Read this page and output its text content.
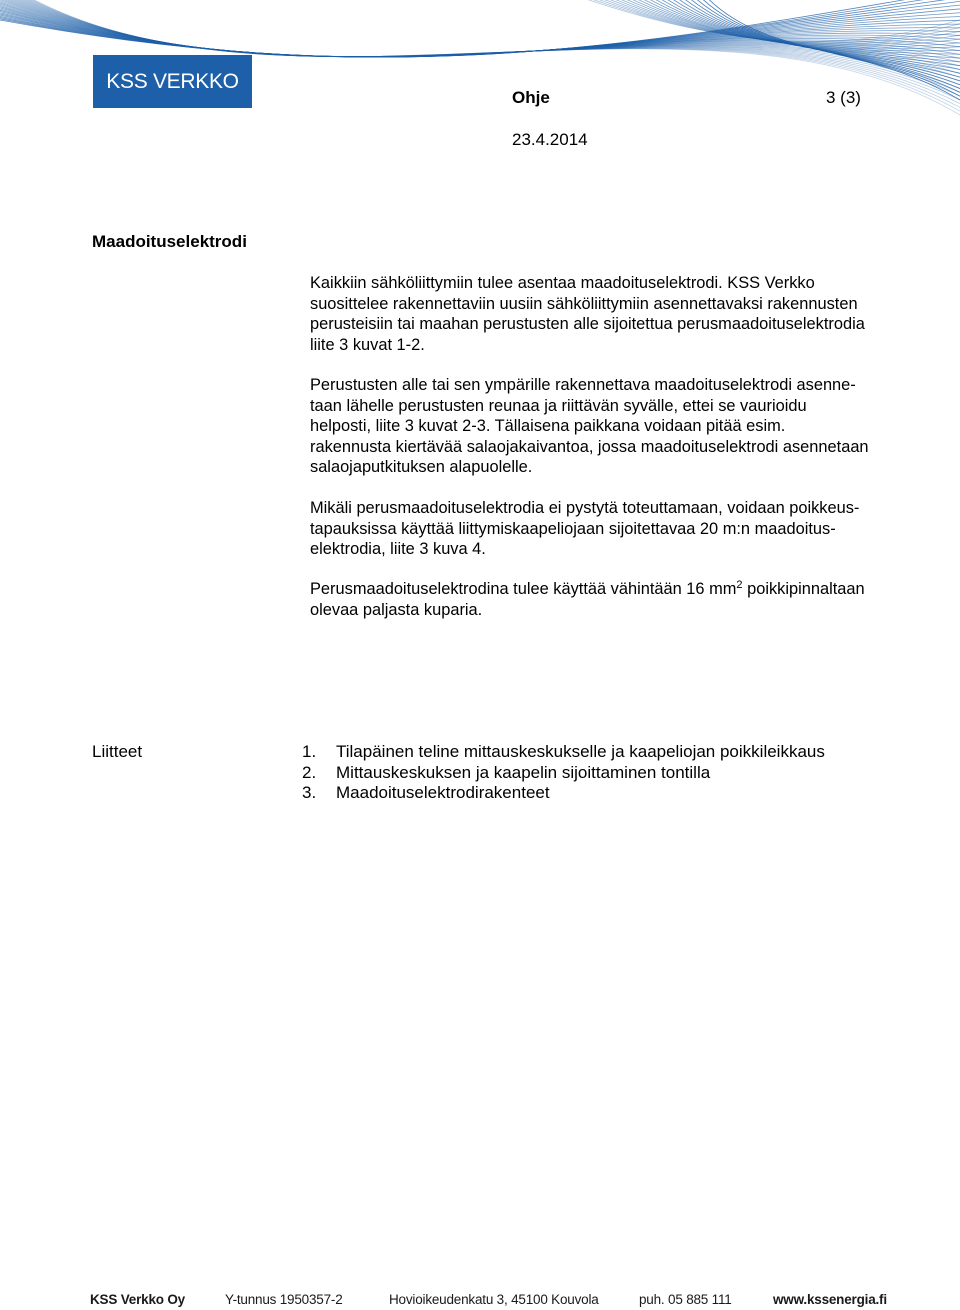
KSS VERKKO
Ohje	3 (3)
23.4.2014
Maadoituselektrodi

Kaikkiin sähköliittymiin tulee asentaa maadoituselektrodi. KSS Verkko
suosittelee rakennettaviin uusiin sähköliittymiin asennettavaksi rakennusten
perusteisiin tai maahan perustusten alle sijoitettua perusmaadoituselektrodia
liite 3 kuvat 1-2.

Perustusten alle tai sen ympärille rakennettava maadoituselektrodi asenne-
taan lähelle perustusten reunaa ja riittävän syvälle, ettei se vaurioidu
helposti, liite 3 kuvat 2-3. Tällaisena paikkana voidaan pitää esim.
rakennusta kiertävää salaojakaivantoa, jossa maadoituselektrodi asennetaan
salaojaputkituksen alapuolelle.

Mikäli perusmaadoituselektrodia ei pystytä toteuttamaan, voidaan poikkeus-
tapauksissa käyttää liittymiskaapeliojaan sijoitettavaa 20 m:n maadoitus-
elektrodia, liite 3 kuva 4.

Perusmaadoituselektrodina tulee käyttää vähintään 16 $mm^2$ poikkipinnaltaan
olevaa paljasta kuparia.

Liitteet	1. Tilapäinen teline mittauskeskukselle ja kaapeliojan poikkileikkaus
2. Mittauskeskuksen ja kaapelin sijoittaminen tontilla
3. Maadoituselektrodirakenteet
KSS Verkko Oy	Y-tunnus 1950357-2	Hovioikeudenkatu 3, 45100 Kouvola	puh. 05 885 111	www.kssenergia.fi
